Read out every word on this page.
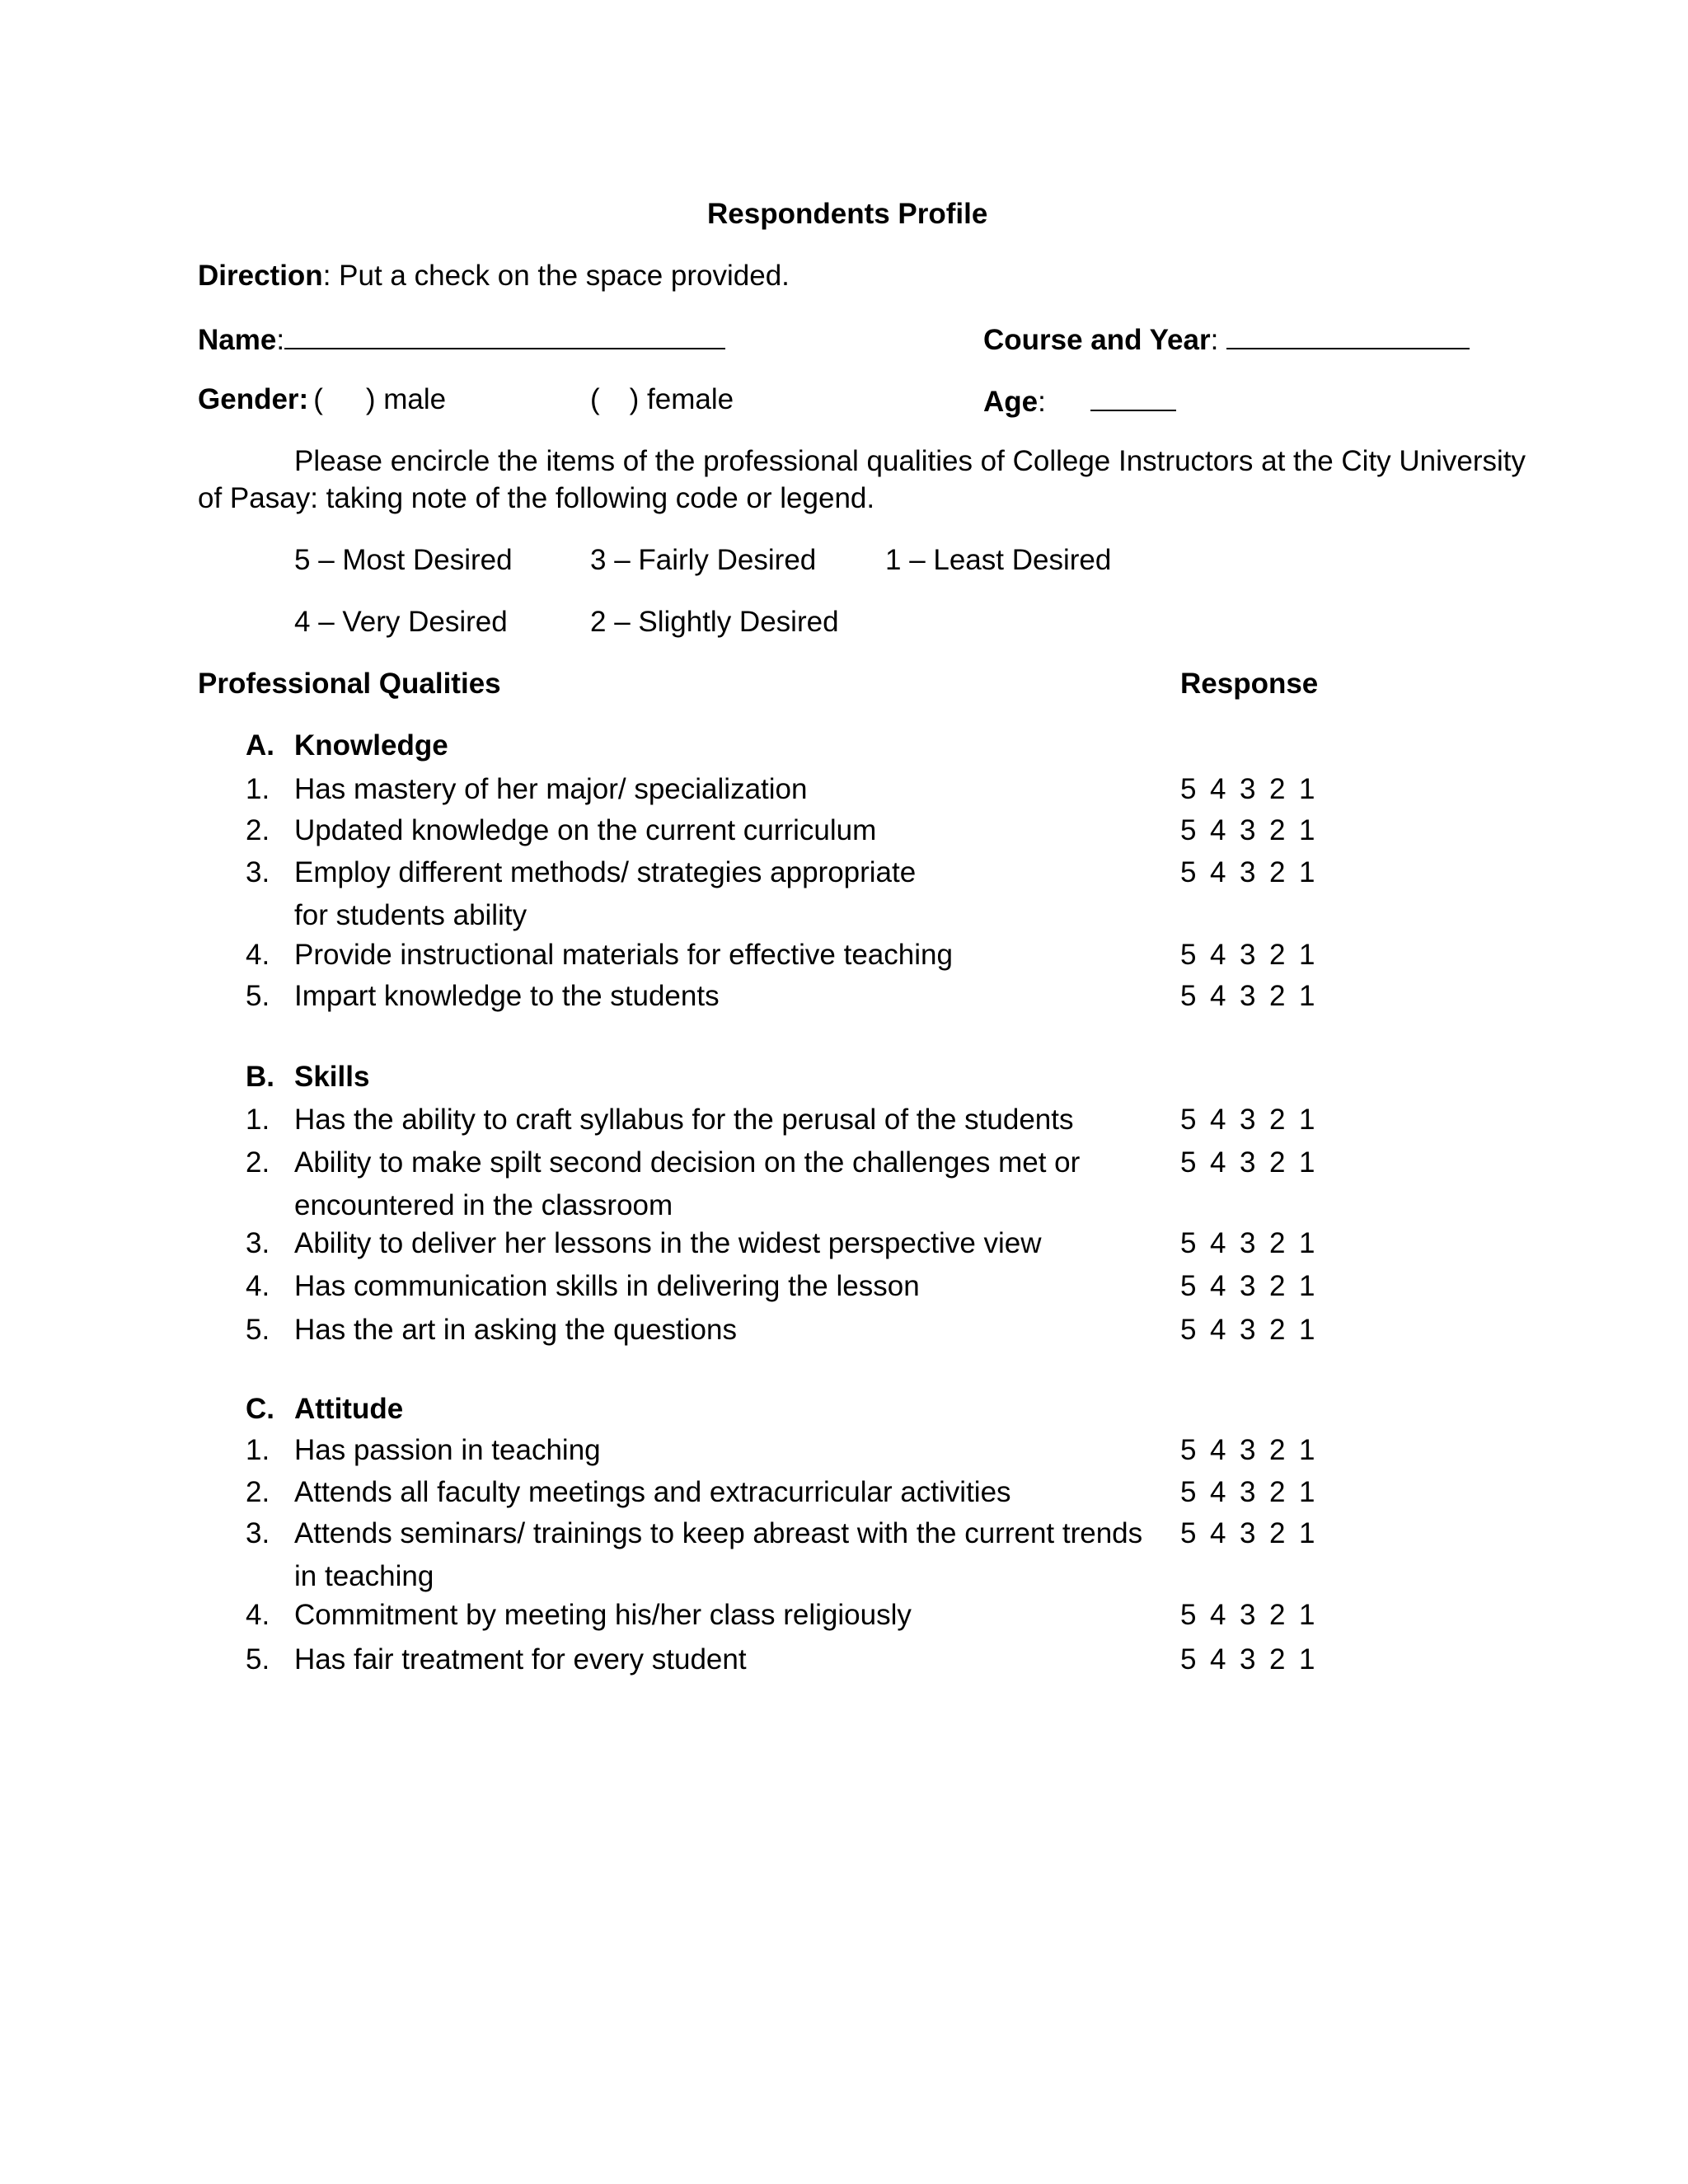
Respondents Profile
Direction: Put a check on the space provided.
Name:	Course and Year:
Gender: ( ) male	( ) female	Age:
Please encircle the items of the professional qualities of College Instructors at the City University
of Pasay: taking note of the following code or legend.
5 – Most Desired	3 – Fairly Desired 1 – Least Desired
4 – Very Desired	2 – Slightly Desired
Professional Qualities	Response
A. Knowledge
1. Has mastery of her major/ specialization	5 4 3 2 1
2. Updated knowledge on the current curriculum	5 4 3 2 1
3. Employ different methods/ strategies appropriate
for students ability
5 4 3 2 1
4. Provide instructional materials for effective teaching	5 4 3 2 1
5. Impart knowledge to the students	5 4 3 2 1
B. Skills
1. Has the ability to craft syllabus for the perusal of the students	5 4 3 2 1
2. Ability to make spilt second decision on the challenges met or
encountered in the classroom
5 4 3 2 1
3. Ability to deliver her lessons in the widest perspective view	5 4 3 2 1
4. Has communication skills in delivering the lesson	5 4 3 2 1
5. Has the art in asking the questions	5 4 3 2 1
C. Attitude
1. Has passion in teaching	5 4 3 2 1
2. Attends all faculty meetings and extracurricular activities	5 4 3 2 1
3. Attends seminars/ trainings to keep abreast with the current trends
in teaching
5 4 3 2 1
4. Commitment by meeting his/her class religiously	5 4 3 2 1
5. Has fair treatment for every student	5 4 3 2 1
